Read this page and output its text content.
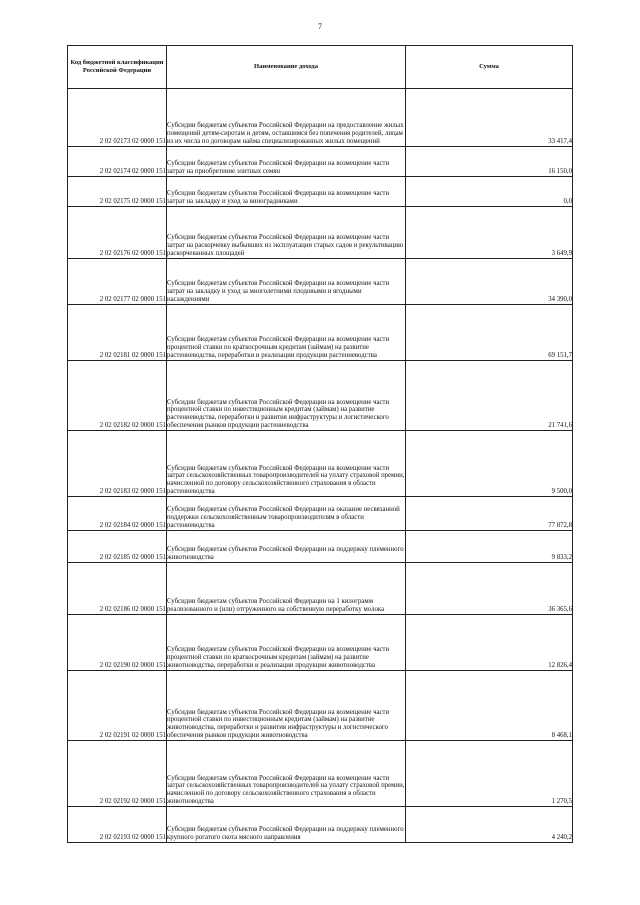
7
Код бюджетной классификации Российской Федерации	Наименование дохода	Сумма
2 02 02173 02 0000 151	Субсидии бюджетам субъектов Российской Федерации на предоставление жилых помещений детям-сиротам и детям, оставшимся без попечения родителей, лицам из их числа по договорам найма специализированных жилых помещений	33 417,4
2 02 02174 02 0000 151	Субсидии бюджетам субъектов Российской Федерации на возмещение части затрат на приобретение элитных семян	16 150,0
2 02 02175 02 0000 151	Субсидии бюджетам субъектов Российской Федерации на возмещение части затрат на закладку и уход за виноградниками	0,0
2 02 02176 02 0000 151	Субсидии бюджетам субъектов Российской Федерации на возмещение части затрат на раскорчевку выбывших из эксплуатации старых садов и рекультивацию раскорчеванных площадей	3 649,9
2 02 02177 02 0000 151	Субсидии бюджетам субъектов Российской Федерации на возмещение части затрат на закладку и уход за многолетними плодовыми и ягодными насаждениями	34 390,0
2 02 02181 02 0000 151	Субсидии бюджетам субъектов Российской Федерации на возмещение части процентной ставки по краткосрочным кредитам (займам) на развитие растениеводства, переработки и реализации продукции растениеводства	69 151,7
2 02 02182 02 0000 151	Субсидии бюджетам субъектов Российской Федерации на возмещение части процентной ставки по инвестиционным кредитам (займам) на развитие растениеводства, переработки и развития инфраструктуры и логистического обеспечения рынков продукции растениеводства	21 741,6
2 02 02183 02 0000 151	Субсидии бюджетам субъектов Российской Федерации на возмещение части затрат сельскохозяйственных товаропроизводителей на уплату страховой премии, начисленной по договору сельскохозяйственного страхования в области растениеводства	9 500,0
2 02 02184 02 0000 151	Субсидии бюджетам субъектов Российской Федерации на оказание несвязанной поддержки сельскохозяйственным товаропроизводителям в области растениеводства	77 872,8
2 02 02185 02 0000 151	Субсидии бюджетам субъектов Российской Федерации на поддержку племенного животноводства	9 833,2
2 02 02186 02 0000 151	Субсидии бюджетам субъектов Российской Федерации на 1 килограмм реализованного и (или) отгруженного на собственную переработку молока	36 365,6
2 02 02190 02 0000 151	Субсидии бюджетам субъектов Российской Федерации на возмещение части процентной ставки по краткосрочным кредитам (займам) на развитие животноводства, переработки и реализации продукции животноводства	12 826,4
2 02 02191 02 0000 151	Субсидии бюджетам субъектов Российской Федерации на возмещение части процентной ставки по инвестиционным кредитам (займам) на развитие животноводства, переработки и развития инфраструктуры и логистического обеспечения рынков продукции животноводства	8 468,1
2 02 02192 02 0000 151	Субсидии бюджетам субъектов Российской Федерации на возмещение части затрат сельскохозяйственных товаропроизводителей на уплату страховой премии, начисленной по договору сельскохозяйственного страхования в области животноводства	1 270,5
2 02 02193 02 0000 151	Субсидии бюджетам субъектов Российской Федерации на поддержку племенного крупного рогатого скота мясного направления	4 240,2
